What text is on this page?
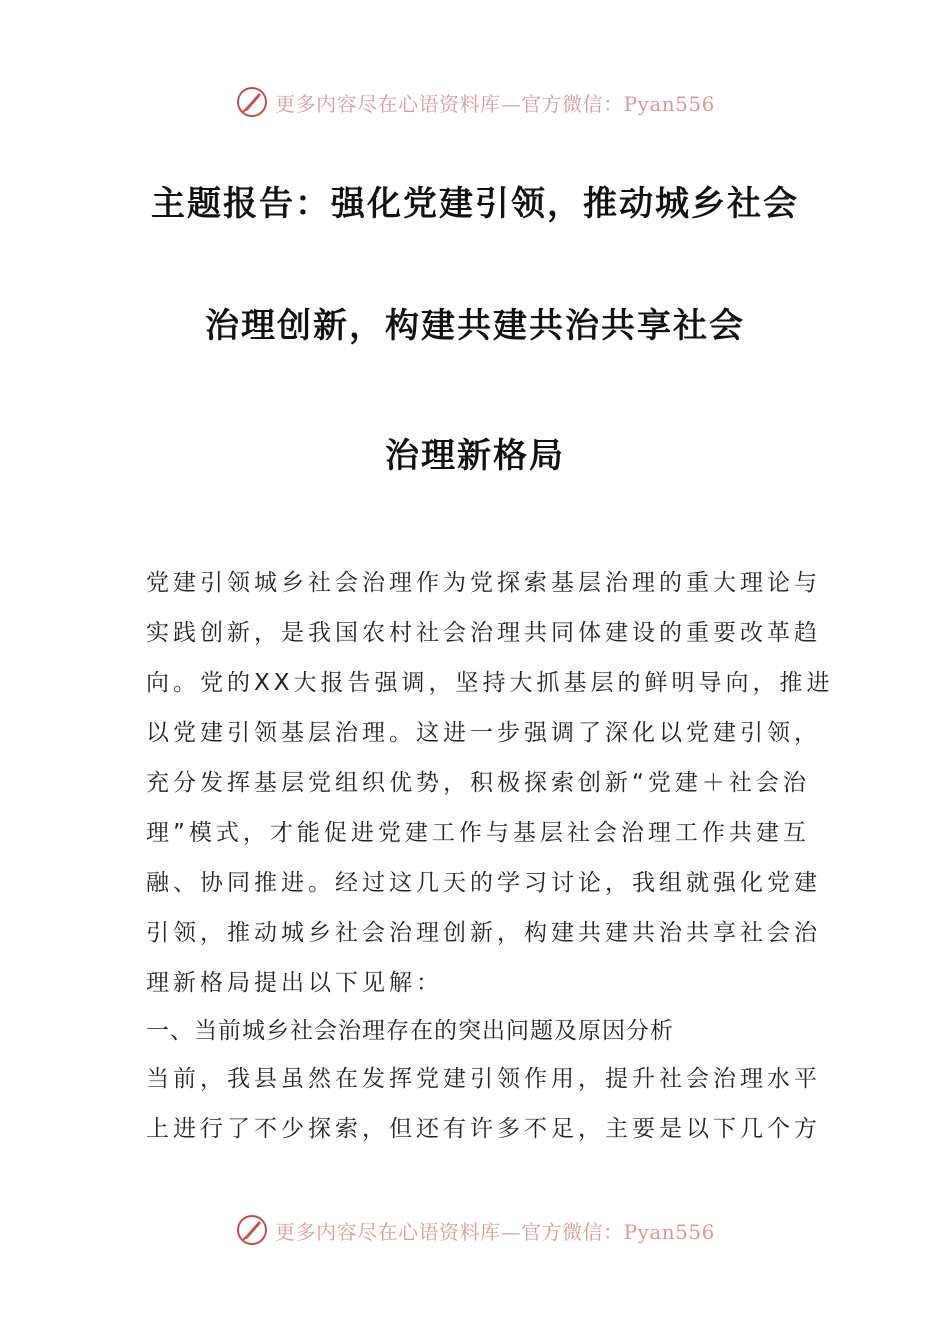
更多内容尽在心语资料库—官方微信：Pyan556
主题报告：强化党建引领，推动城乡社会
治理创新，构建共建共治共享社会
治理新格局
党建引领城乡社会治理作为党探索基层治理的重大理论与
实践创新，是我国农村社会治理共同体建设的重要改革趋
向。党的XX大报告强调，坚持大抓基层的鲜明导向，推进
以党建引领基层治理。这进一步强调了深化以党建引领，
充分发挥基层党组织优势，积极探索创新“党建＋社会治
理”模式，才能促进党建工作与基层社会治理工作共建互
融、协同推进。经过这几天的学习讨论，我组就强化党建
引领，推动城乡社会治理创新，构建共建共治共享社会治
理新格局提出以下见解：
一、当前城乡社会治理存在的突出问题及原因分析
当前，我县虽然在发挥党建引领作用，提升社会治理水平
上进行了不少探索，但还有许多不足，主要是以下几个方
更多内容尽在心语资料库—官方微信：Pyan556
